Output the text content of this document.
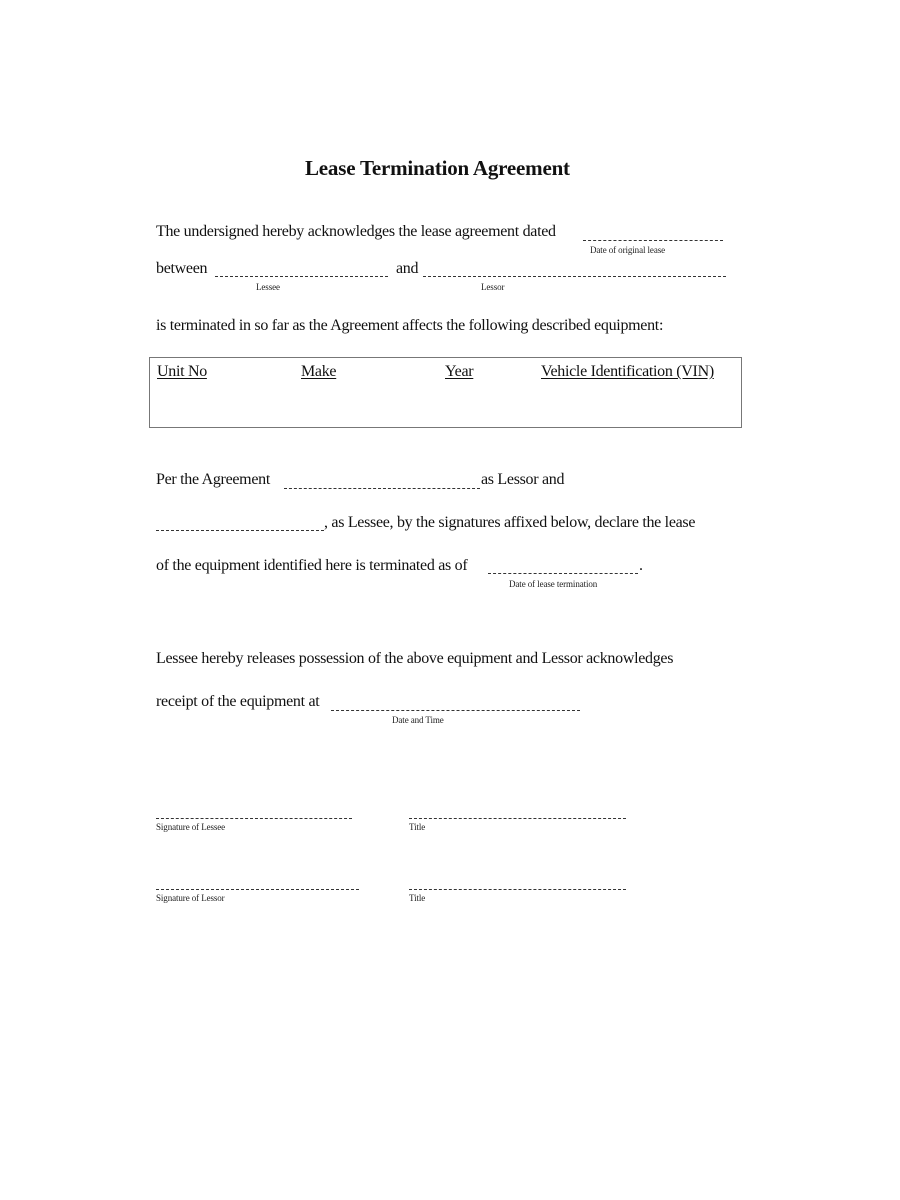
Lease Termination Agreement
The undersigned hereby acknowledges the lease agreement dated
Date of original lease
between
Lessee
and
Lessor
is terminated in so far as the Agreement affects the following described equipment:
Unit No	Make	Year	Vehicle Identification (VIN)
Per the Agreement	as Lessor and
, as Lessee, by the signatures affixed below, declare the lease
of the equipment identified here is terminated as of	.
Date of lease termination
Lessee hereby releases possession of the above equipment and Lessor acknowledges
receipt of the equipment at
Date and Time
Signature of Lessee	Title
Signature of Lessor	Title
